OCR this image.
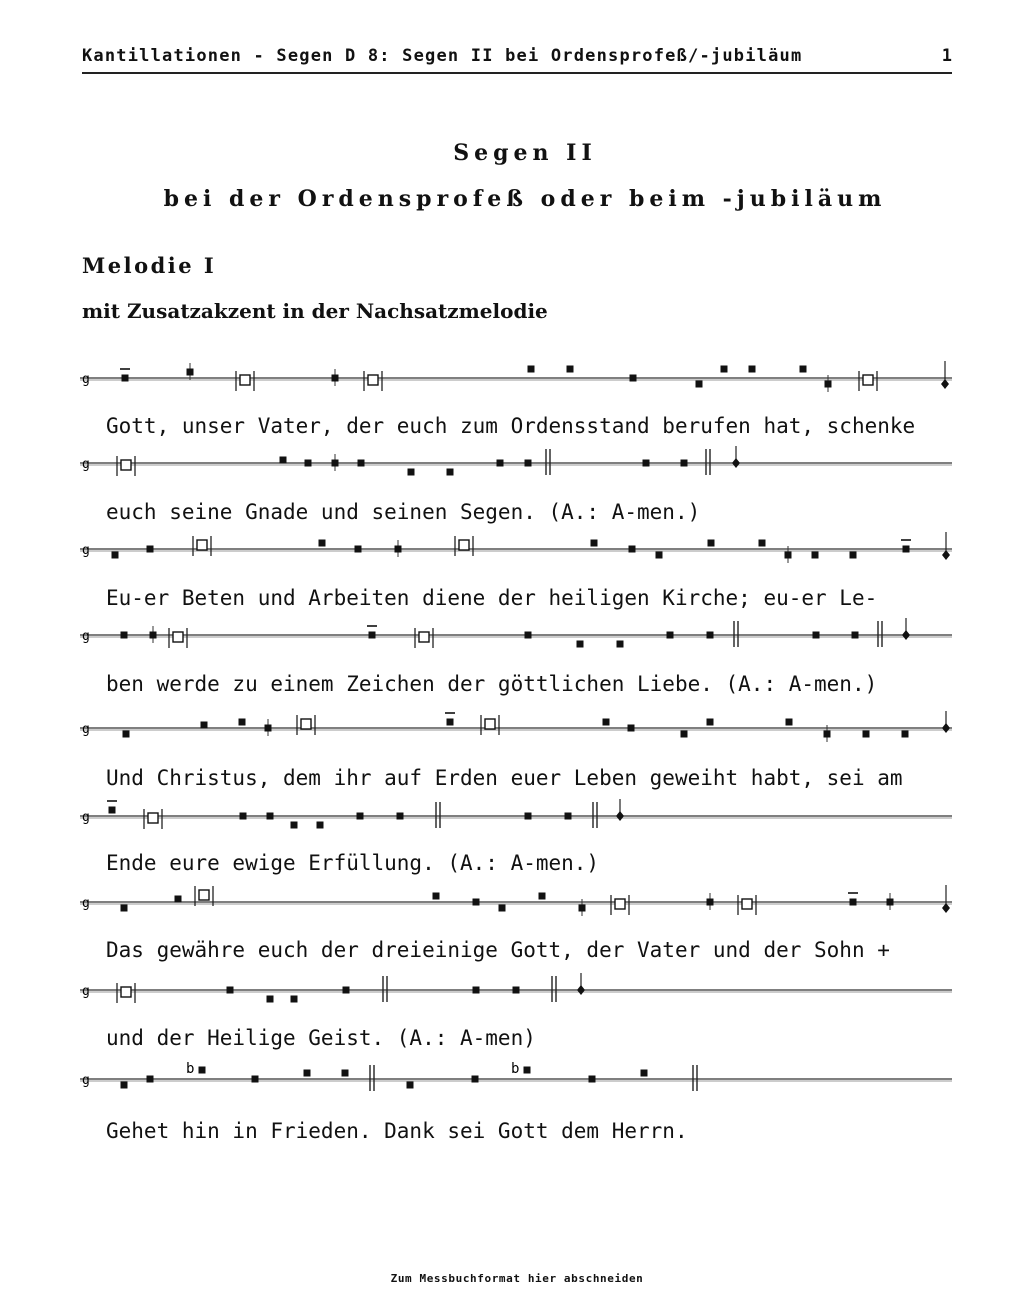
Kantillationen - Segen D 8: Segen II bei Ordensprofeß/-jubiläum	1
Segen II
bei der Ordensprofeß oder beim -jubiläum
Melodie I
mit Zusatzakzent in der Nachsatzmelodie
g
Gott, unser Vater, der euch zum Ordensstand berufen hat, schenke
g
euch seine Gnade und seinen Segen. (A.: A-men.)
g
Eu-er Beten und Arbeiten diene der heiligen Kirche; eu-er Le-
g
ben werde zu einem Zeichen der göttlichen Liebe. (A.: A-men.)
g
Und Christus, dem ihr auf Erden euer Leben geweiht habt, sei am
g
Ende eure ewige Erfüllung. (A.: A-men.)
g
Das gewähre euch der dreieinige Gott, der Vater und der Sohn +
g
und der Heilige Geist. (A.: A-men)
g
b	b
Gehet hin in Frieden. Dank sei Gott dem Herrn.
Zum Messbuchformat hier abschneiden
